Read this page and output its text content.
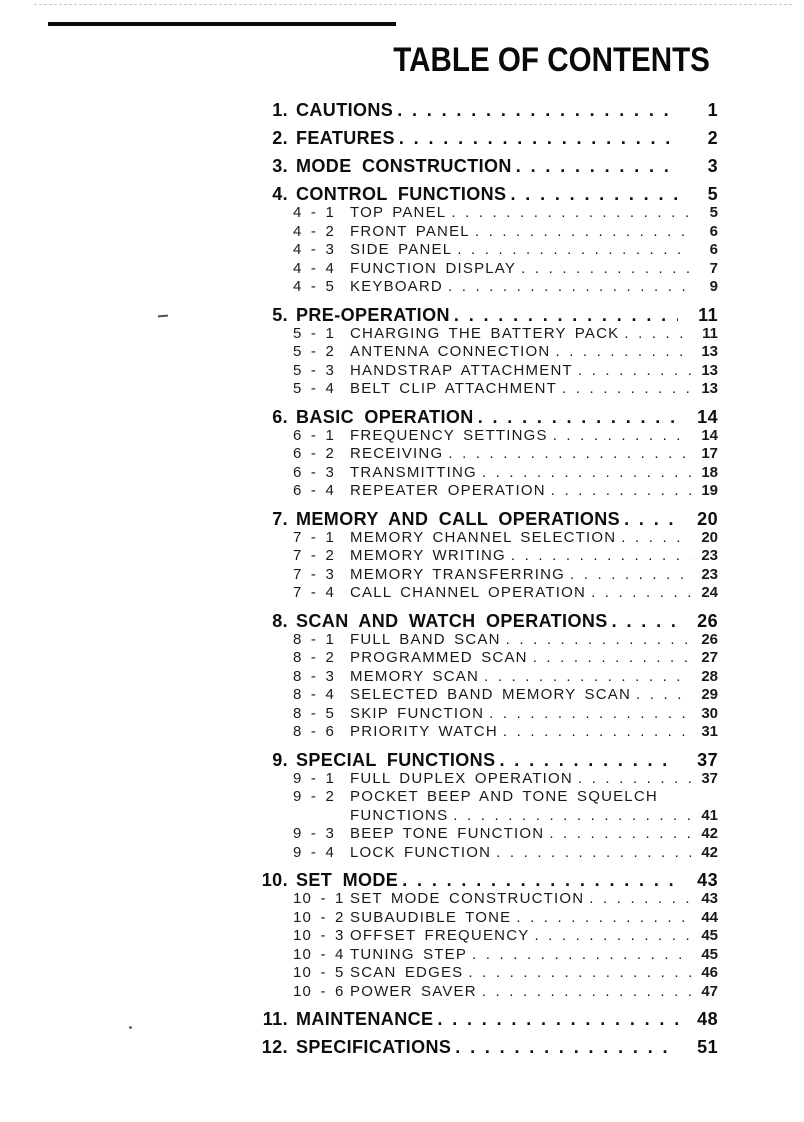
TABLE OF CONTENTS
1. CAUTIONS . . .	1
2. FEATURES . . .	2
3. MODE CONSTRUCTION . . .	3
4. CONTROL FUNCTIONS . . .	5
4 - 1 TOP PANEL . . .	5
4 - 2 FRONT PANEL . . .	6
4 - 3 SIDE PANEL . . .	6
4 - 4 FUNCTION DISPLAY . . .	7
4 - 5 KEYBOARD . . .	9
5. PRE-OPERATION . . .	11
5 - 1 CHARGING THE BATTERY PACK . . .	11
5 - 2 ANTENNA CONNECTION . . .	13
5 - 3 HANDSTRAP ATTACHMENT . . .	13
5 - 4 BELT CLIP ATTACHMENT . . .	13
6. BASIC OPERATION . . .	14
6 - 1 FREQUENCY SETTINGS . . .	14
6 - 2 RECEIVING . . .	17
6 - 3 TRANSMITTING . . .	18
6 - 4 REPEATER OPERATION . . .	19
7. MEMORY AND CALL OPERATIONS . . .	20
7 - 1 MEMORY CHANNEL SELECTION . . .	20
7 - 2 MEMORY WRITING . . .	23
7 - 3 MEMORY TRANSFERRING . . .	23
7 - 4 CALL CHANNEL OPERATION . . .	24
8. SCAN AND WATCH OPERATIONS . . .	26
8 - 1 FULL BAND SCAN . . .	26
8 - 2 PROGRAMMED SCAN . . .	27
8 - 3 MEMORY SCAN . . .	28
8 - 4 SELECTED BAND MEMORY SCAN . . .	29
8 - 5 SKIP FUNCTION . . .	30
8 - 6 PRIORITY WATCH . . .	31
9. SPECIAL FUNCTIONS . . .	37
9 - 1 FULL DUPLEX OPERATION . . .	37
9 - 2 POCKET BEEP AND TONE SQUELCH
FUNCTIONS . . .	41
9 - 3 BEEP TONE FUNCTION . . .	42
9 - 4 LOCK FUNCTION . . .	42
10. SET MODE . . .	43
10 - 1 SET MODE CONSTRUCTION . . .	43
10 - 2 SUBAUDIBLE TONE . . .	44
10 - 3 OFFSET FREQUENCY . . .	45
10 - 4 TUNING STEP . . .	45
10 - 5 SCAN EDGES . . .	46
10 - 6 POWER SAVER . . .	47
11. MAINTENANCE . . .	48
12. SPECIFICATIONS . . .	51
